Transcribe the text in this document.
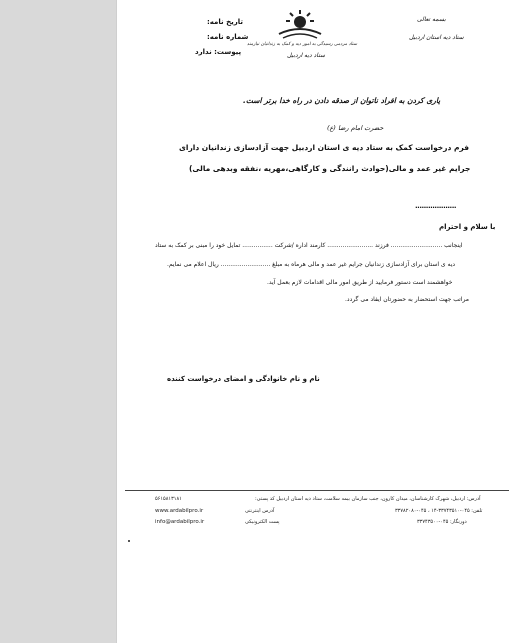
تاریخ نامه:
شماره نامه:
پیوست: ندارد
ستاد مردمی رسیدگی به امور دیه و کمک به زندانیان نیازمند
ستاد دیه اردبیل
بسمه تعالی
ستاد دیه استان اردبیل
یاری کردن به افراد ناتوان از صدقه دادن در راه خدا برتر است.
حضرت امام رضا (ع)
فرم درخواست کمک به ستاد دیه ی استان اردبیل جهت آزادسازی زندانیان دارای
جرایم غیر عمد و مالی(حوادث رانندگی و کارگاهی،مهریه ،نفقه وبدهی مالی)
...................
با سلام و احترام
اینجانب ........................... فرزند ........................ کارمند اداره /شرکت ................ تمایل خود را مبنی بر کمک به ستاد
دیه ی استان برای آزادسازی زندانیان جرایم غیر عمد و مالی هرماه به مبلغ .......................... ریال اعلام می نمایم.
خواهشمند است دستور فرمایید از طریق امور مالی اقدامات لازم بعمل آید.
مراتب جهت استحضار به حضورتان ایفاد می گردد.
نام و نام خانوادگی و امضای درخواست کننده
آدرس: اردبیل، شهرک کارشناسان، میدان کارون، جنب سازمان بیمه سلامت، ستاد دیه استان اردبیل کد پستی:
۵۶۱۵۸۱۳۱۸۱
تلفن: ۰۴۵-۳۳۷۴۳۵۱۰-۱۴ ، ۰۴۵-۳۳۷۸۲۰۸۰
دورنگار: ۰۴۵-۳۳۷۴۳۵۰۰
آدرس اینترنتی
پست الکترونیکی
www.ardabilpro.ir
info@ardabilpro.ir
